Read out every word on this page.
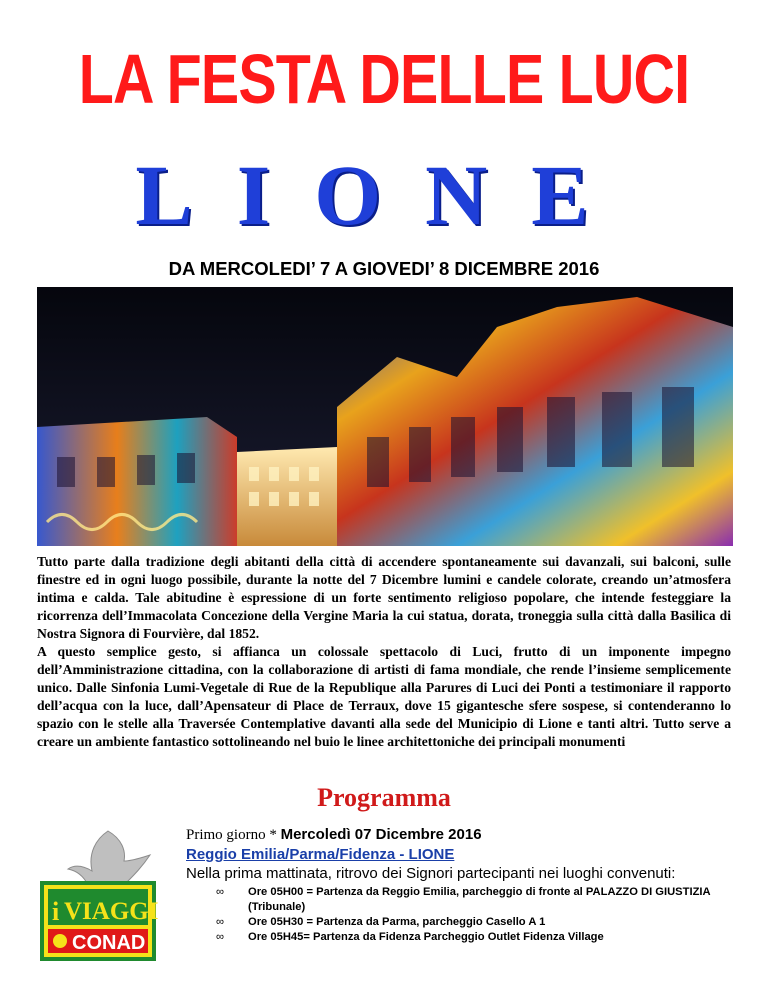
LA FESTA DELLE LUCI
LIONE
DA MERCOLEDI’ 7 A GIOVEDI’ 8 DICEMBRE 2016

Tutto parte dalla tradizione degli abitanti della città di accendere spontaneamente sui davanzali, sui balconi, sulle finestre ed in ogni luogo possibile, durante la notte del 7 Dicembre lumini e candele colorate, creando un’atmosfera intima e calda. Tale abitudine è espressione di un forte sentimento religioso popolare, che intende festeggiare la ricorrenza dell’Immacolata Concezione della Vergine Maria la cui statua, dorata, troneggia sulla città dalla Basilica di Nostra Signora di Fourvière, dal 1852.

A questo semplice gesto, si affianca un colossale spettacolo di Luci, frutto di un imponente impegno dell’Amministrazione cittadina, con la collaborazione di artisti di fama mondiale, che rende l’insieme semplicemente unico. Dalle Sinfonia Lumi-Vegetale di Rue de la Republique alla Parures di Luci dei Ponti a testimoniare il rapporto dell’acqua con la luce, dall’Apensateur di Place de Terraux, dove 15 gigantesche sfere sospese, si contenderanno lo spazio con le stelle alla Traversée Contemplative davanti alla sede del Municipio di Lione e tanti altri. Tutto serve a creare un ambiente fantastico sottolineando nel buio le linee architettoniche dei principali monumenti

Programma
i VIAGGI
CONAD
Primo giorno * Mercoledì 07 Dicembre 2016
Reggio Emilia/Parma/Fidenza - LIONE
Nella prima mattinata, ritrovo dei Signori partecipanti nei luoghi convenuti:
∞ Ore 05H00 = Partenza da Reggio Emilia, parcheggio di fronte al PALAZZO DI GIUSTIZIA (Tribunale)
∞ Ore 05H30 = Partenza da Parma, parcheggio Casello A 1
∞ Ore 05H45= Partenza da Fidenza Parcheggio Outlet Fidenza Village
